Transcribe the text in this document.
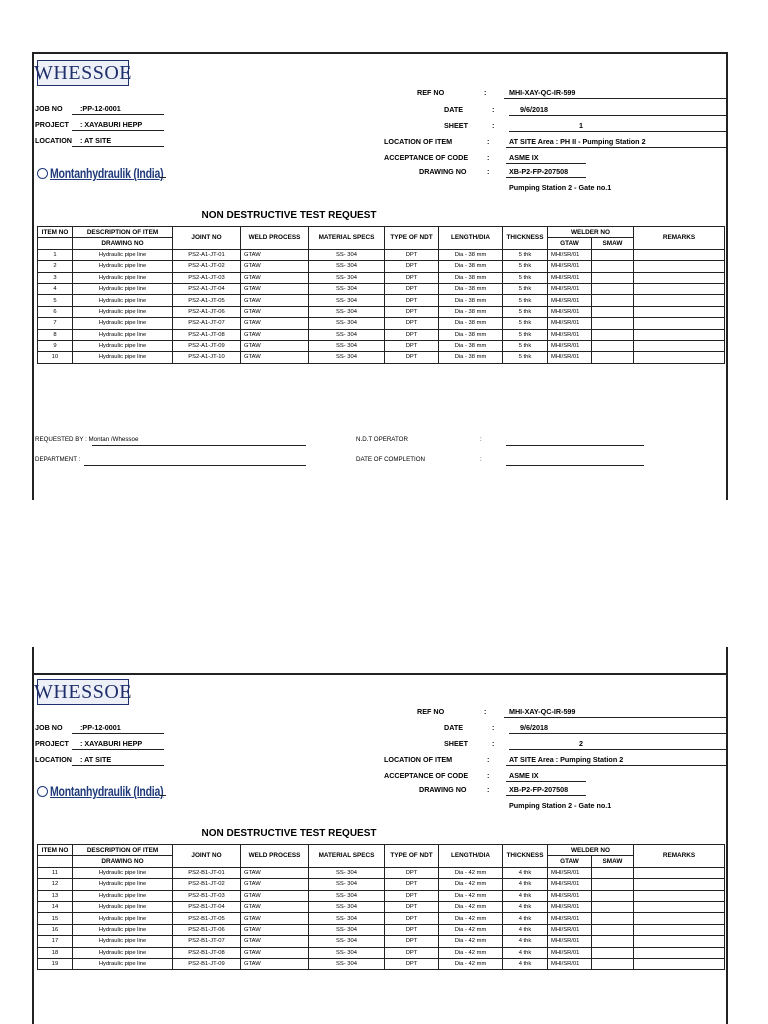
WHESSOE
JOB NO :PP-12-0001
PROJECT : XAYABURI HEPP
LOCATION : AT SITE
Montanhydraulik (India)
REF NO	:	MHI-XAY-QC-IR-599
DATE	:	9/6/2018
SHEET	:	1
LOCATION OF ITEM	:	AT SITE Area : PH II - Pumping Station 2
ACCEPTANCE OF CODE	:	ASME IX
DRAWING NO	:	XB-P2-FP-207508
Pumping Station 2 - Gate no.1
NON DESTRUCTIVE TEST REQUEST
ITEM NO	DESCRIPTION OF ITEM	JOINT NO	WELD PROCESS	MATERIAL SPECS	TYPE OF NDT	LENGTH/DIA	THICKNESS	WELDER NO		REMARKS
	DRAWING NO							GTAW	SMAW	
1	Hydraulic pipe line	PS2-A1-JT-01	GTAW	SS- 304	DPT	Dia - 38 mm	5 thk	MHI/SR/01		
2	Hydraulic pipe line	PS2-A1-JT-02	GTAW	SS- 304	DPT	Dia - 38 mm	5 thk	MHI/SR/01		
3	Hydraulic pipe line	PS2-A1-JT-03	GTAW	SS- 304	DPT	Dia - 38 mm	5 thk	MHI/SR/01		
4	Hydraulic pipe line	PS2-A1-JT-04	GTAW	SS- 304	DPT	Dia - 38 mm	5 thk	MHI/SR/01		
5	Hydraulic pipe line	PS2-A1-JT-05	GTAW	SS- 304	DPT	Dia - 38 mm	5 thk	MHI/SR/01		
6	Hydraulic pipe line	PS2-A1-JT-06	GTAW	SS- 304	DPT	Dia - 38 mm	5 thk	MHI/SR/01		
7	Hydraulic pipe line	PS2-A1-JT-07	GTAW	SS- 304	DPT	Dia - 38 mm	5 thk	MHI/SR/01		
8	Hydraulic pipe line	PS2-A1-JT-08	GTAW	SS- 304	DPT	Dia - 38 mm	5 thk	MHI/SR/01		
9	Hydraulic pipe line	PS2-A1-JT-09	GTAW	SS- 304	DPT	Dia - 38 mm	5 thk	MHI/SR/01		
10	Hydraulic pipe line	PS2-A1-JT-10	GTAW	SS- 304	DPT	Dia - 38 mm	5 thk	MHI/SR/01		
REQUESTED BY : Montan /Whessoe
DEPARTMENT :
N.D.T OPERATOR	:
DATE OF COMPLETION	:
WHESSOE
JOB NO :PP-12-0001
PROJECT : XAYABURI HEPP
LOCATION : AT SITE
Montanhydraulik (India)
REF NO	:	MHI-XAY-QC-IR-599
DATE	:	9/6/2018
SHEET	:	2
LOCATION OF ITEM	:	AT SITE Area : Pumping Station 2
ACCEPTANCE OF CODE	:	ASME IX
DRAWING NO	:	XB-P2-FP-207508
Pumping Station 2 - Gate no.1
NON DESTRUCTIVE TEST REQUEST
ITEM NO	DESCRIPTION OF ITEM	JOINT NO	WELD PROCESS	MATERIAL SPECS	TYPE OF NDT	LENGTH/DIA	THICKNESS	WELDER NO		REMARKS
	DRAWING NO							GTAW	SMAW	
11	Hydraulic pipe line	PS2-B1-JT-01	GTAW	SS- 304	DPT	Dia - 42 mm	4 thk	MHI/SR/01		
12	Hydraulic pipe line	PS2-B1-JT-02	GTAW	SS- 304	DPT	Dia - 42 mm	4 thk	MHI/SR/01		
13	Hydraulic pipe line	PS2-B1-JT-03	GTAW	SS- 304	DPT	Dia - 42 mm	4 thk	MHI/SR/01		
14	Hydraulic pipe line	PS2-B1-JT-04	GTAW	SS- 304	DPT	Dia - 42 mm	4 thk	MHI/SR/01		
15	Hydraulic pipe line	PS2-B1-JT-05	GTAW	SS- 304	DPT	Dia - 42 mm	4 thk	MHI/SR/01		
16	Hydraulic pipe line	PS2-B1-JT-06	GTAW	SS- 304	DPT	Dia - 42 mm	4 thk	MHI/SR/01		
17	Hydraulic pipe line	PS2-B1-JT-07	GTAW	SS- 304	DPT	Dia - 42 mm	4 thk	MHI/SR/01		
18	Hydraulic pipe line	PS2-B1-JT-08	GTAW	SS- 304	DPT	Dia - 42 mm	4 thk	MHI/SR/01		
19	Hydraulic pipe line	PS2-B1-JT-09	GTAW	SS- 304	DPT	Dia - 42 mm	4 thk	MHI/SR/01		
